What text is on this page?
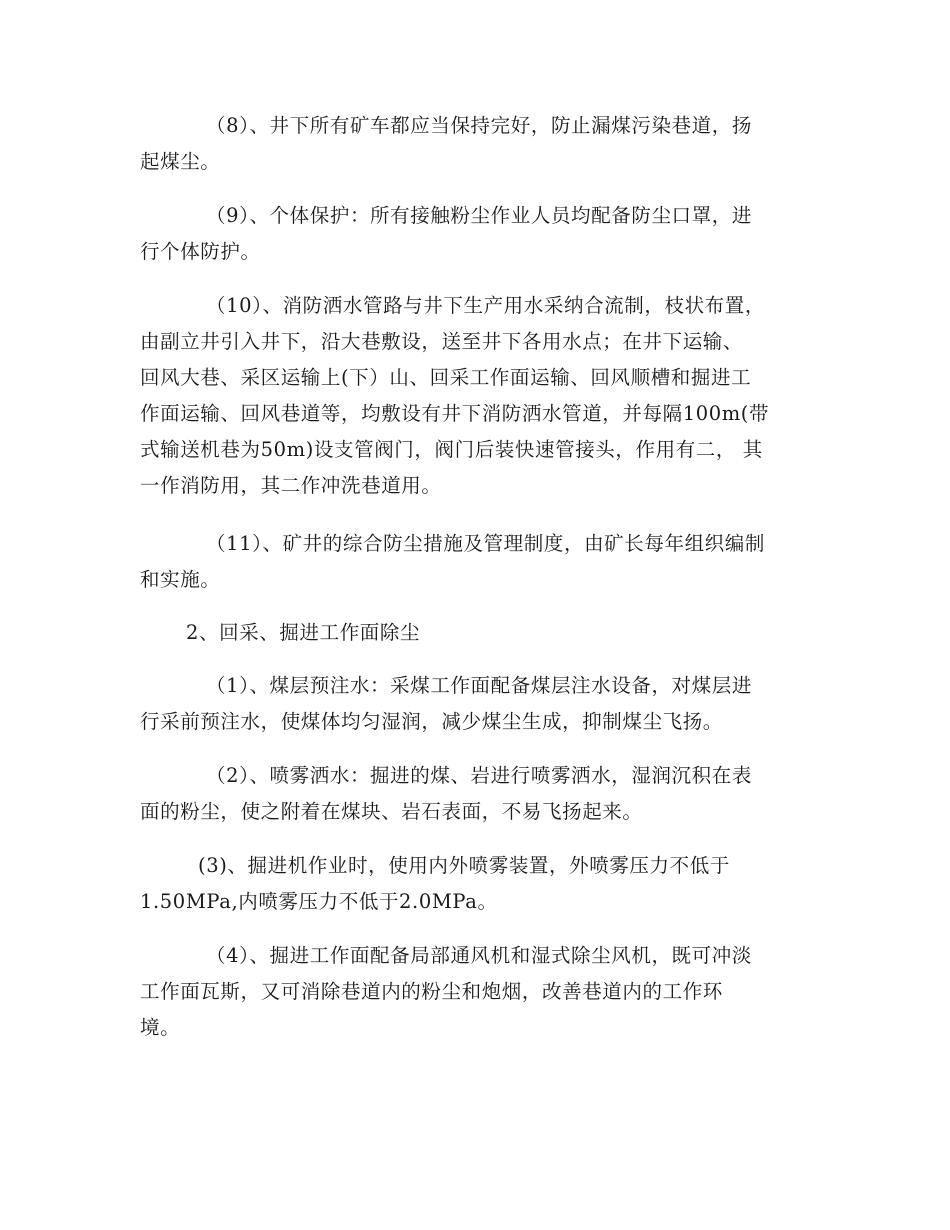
（8）、井下所有矿车都应当保持完好，防止漏煤污染巷道，扬
起煤尘。

（9）、个体保护：所有接触粉尘作业人员均配备防尘口罩，进
行个体防护。

（10）、消防洒水管路与井下生产用水采纳合流制，枝状布置，
由副立井引入井下，沿大巷敷设，送至井下各用水点；在井下运输、
回风大巷、采区运输上(下）山、回采工作面运输、回风顺槽和掘进工
作面运输、回风巷道等，均敷设有井下消防洒水管道，并每隔100m(带
式输送机巷为50m)设支管阀门，阀门后装快速管接头，作用有二， 其
一作消防用，其二作冲洗巷道用。

（11）、矿井的综合防尘措施及管理制度，由矿长每年组织编制
和实施。

2、回采、掘进工作面除尘

（1）、煤层预注水：采煤工作面配备煤层注水设备，对煤层进
行采前预注水，使煤体均匀湿润，减少煤尘生成，抑制煤尘飞扬。

（2）、喷雾洒水：掘进的煤、岩进行喷雾洒水，湿润沉积在表
面的粉尘，使之附着在煤块、岩石表面，不易飞扬起来。

(3)、掘进机作业时，使用内外喷雾装置，外喷雾压力不低于
1.50MPa,内喷雾压力不低于2.0MPa。

（4）、掘进工作面配备局部通风机和湿式除尘风机，既可冲淡
工作面瓦斯，又可消除巷道内的粉尘和炮烟，改善巷道内的工作环
境。
